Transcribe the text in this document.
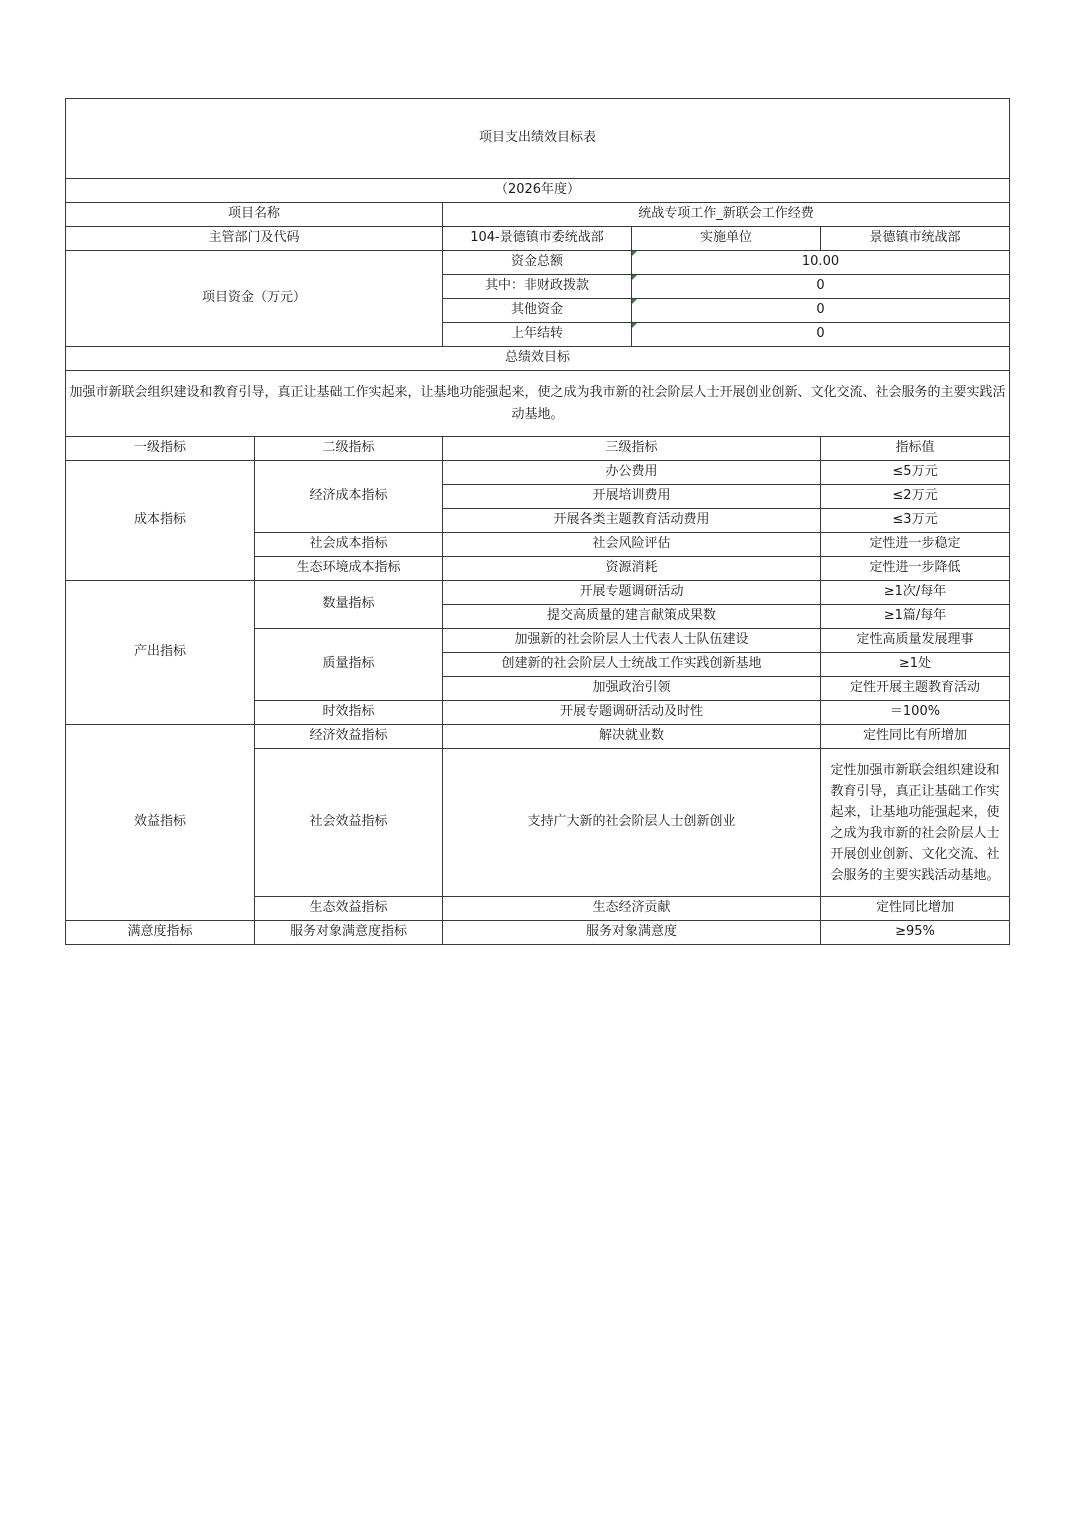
项目支出绩效目标表				
（2026年度）				
项目名称		统战专项工作_新联会工作经费		
主管部门及代码		104-景德镇市委统战部	实施单位	景德镇市统战部
项目资金（万元）		资金总额	10.00	
		其中：非财政拨款	0	
		其他资金	0	
		上年结转	0	
总绩效目标				
加强市新联会组织建设和教育引导，真正让基础工作实起来，让基地功能强起来，使之成为我市新的社会阶层人士开展创业创新、文化交流、社会服务的主要实践活动基地。				
一级指标	二级指标	三级指标		指标值
成本指标	经济成本指标	办公费用		≤5万元
		开展培训费用		≤2万元
		开展各类主题教育活动费用		≤3万元
	社会成本指标	社会风险评估		定性进一步稳定
	生态环境成本指标	资源消耗		定性进一步降低
产出指标	数量指标	开展专题调研活动		≥1次/每年
		提交高质量的建言献策成果数		≥1篇/每年
	质量指标	加强新的社会阶层人士代表人士队伍建设		定性高质量发展理事
		创建新的社会阶层人士统战工作实践创新基地		≥1处
		加强政治引领		定性开展主题教育活动
	时效指标	开展专题调研活动及时性		＝100%
效益指标	经济效益指标	解决就业数		定性同比有所增加
	社会效益指标	支持广大新的社会阶层人士创新创业		定性加强市新联会组织建设和教育引导，真正让基础工作实起来，让基地功能强起来，使之成为我市新的社会阶层人士开展创业创新、文化交流、社会服务的主要实践活动基地。
	生态效益指标	生态经济贡献		定性同比增加
满意度指标	服务对象满意度指标	服务对象满意度		≥95%
